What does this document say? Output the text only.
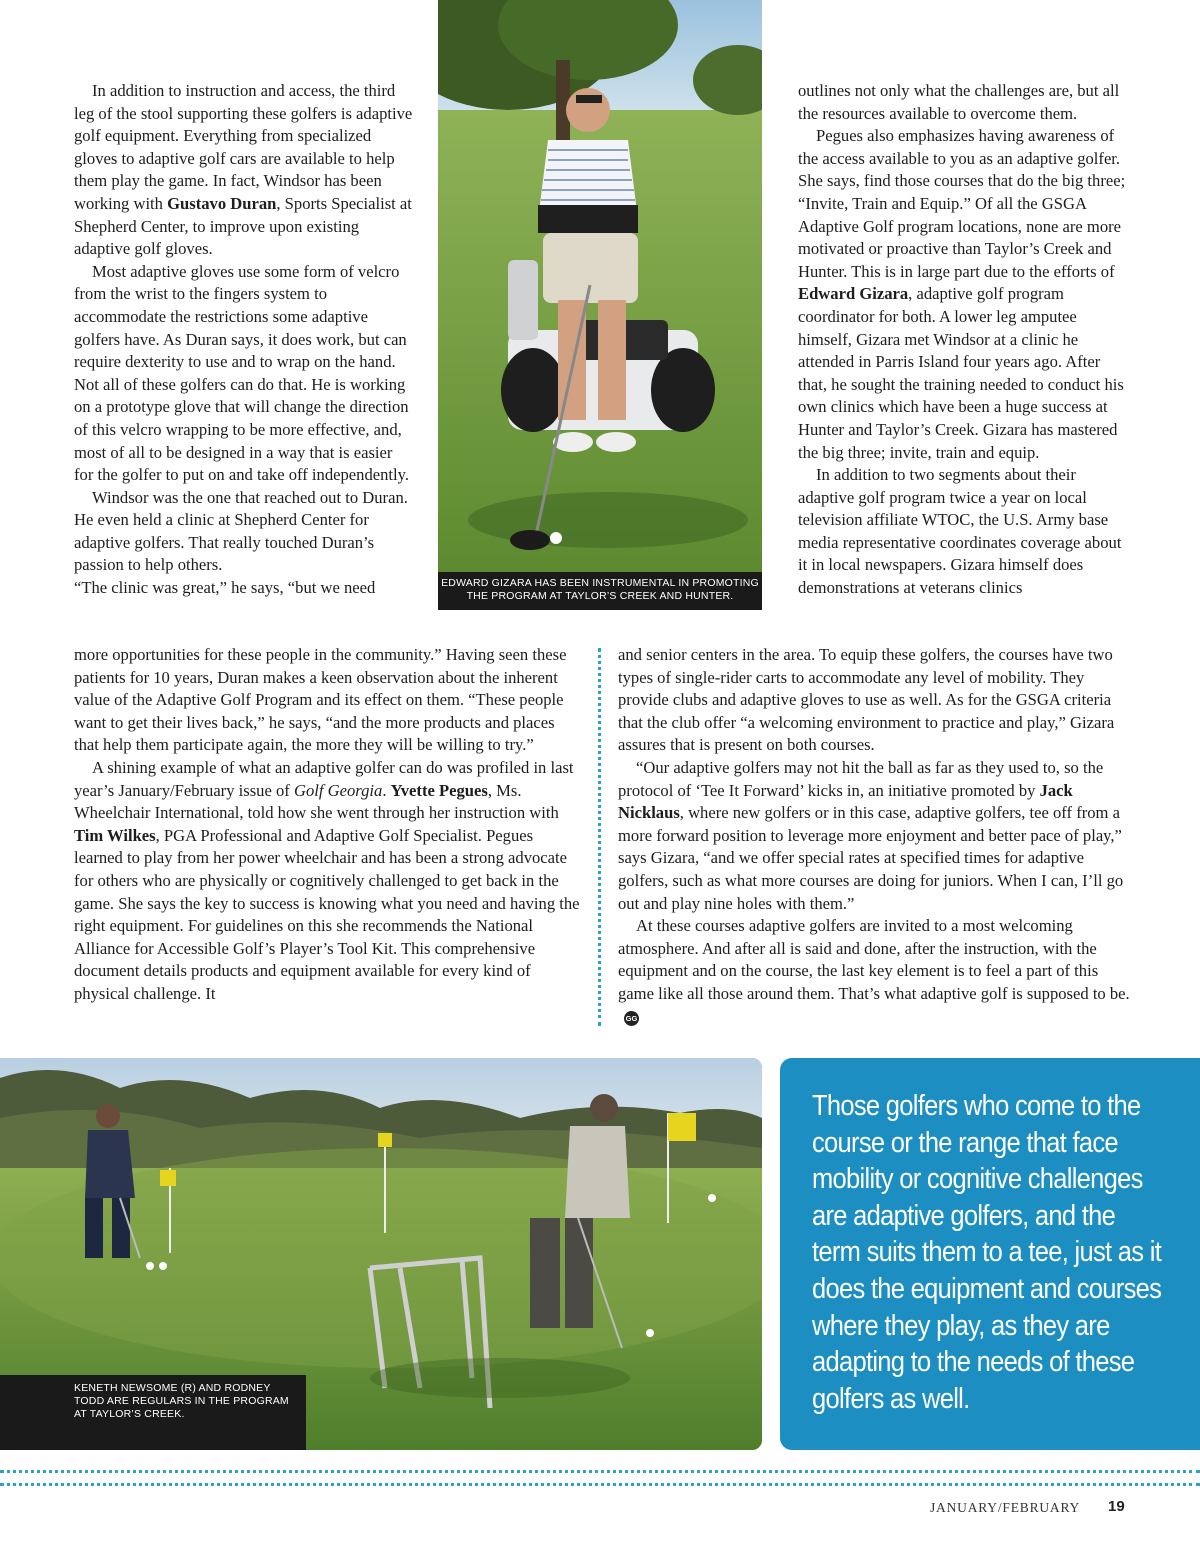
In addition to instruction and access, the third leg of the stool supporting these golfers is adaptive golf equipment. Everything from specialized gloves to adaptive golf cars are available to help them play the game. In fact, Windsor has been working with Gustavo Duran, Sports Specialist at Shepherd Center, to improve upon existing adaptive golf gloves.

Most adaptive gloves use some form of velcro from the wrist to the fingers system to accommodate the restrictions some adaptive golfers have. As Duran says, it does work, but can require dexterity to use and to wrap on the hand. Not all of these golfers can do that. He is working on a prototype glove that will change the direction of this velcro wrapping to be more effective, and, most of all to be designed in a way that is easier for the golfer to put on and take off independently.

Windsor was the one that reached out to Duran. He even held a clinic at Shepherd Center for adaptive golfers. That really touched Duran’s passion to help others.

“The clinic was great,” he says, “but we need

more opportunities for these people in the community.” Having seen these patients for 10 years, Duran makes a keen observation about the inherent value of the Adaptive Golf Program and its effect on them. “These people want to get their lives back,” he says, “and the more products and places that help them participate again, the more they will be willing to try.”

A shining example of what an adaptive golfer can do was profiled in last year’s January/February issue of Golf Georgia. Yvette Pegues, Ms. Wheelchair International, told how she went through her instruction with Tim Wilkes, PGA Professional and Adaptive Golf Specialist. Pegues learned to play from her power wheelchair and has been a strong advocate for others who are physically or cognitively challenged to get back in the game. She says the key to success is knowing what you need and having the right equipment. For guidelines on this she recommends the National Alliance for Accessible Golf’s Player’s Tool Kit. This comprehensive document details products and equipment available for every kind of physical challenge. It

outlines not only what the challenges are, but all the resources available to overcome them.

Pegues also emphasizes having awareness of the access available to you as an adaptive golfer. She says, find those courses that do the big three; “Invite, Train and Equip.” Of all the GSGA Adaptive Golf program locations, none are more motivated or proactive than Taylor’s Creek and Hunter. This is in large part due to the efforts of Edward Gizara, adaptive golf program coordinator for both. A lower leg amputee himself, Gizara met Windsor at a clinic he attended in Parris Island four years ago. After that, he sought the training needed to conduct his own clinics which have been a huge success at Hunter and Taylor’s Creek. Gizara has mastered the big three; invite, train and equip.

In addition to two segments about their adaptive golf program twice a year on local television affiliate WTOC, the U.S. Army base media representative coordinates coverage about it in local newspapers. Gizara himself does demonstrations at veterans clinics

and senior centers in the area. To equip these golfers, the courses have two types of single-rider carts to accommodate any level of mobility. They provide clubs and adaptive gloves to use as well. As for the GSGA criteria that the club offer “a welcoming environment to practice and play,” Gizara assures that is present on both courses.

“Our adaptive golfers may not hit the ball as far as they used to, so the protocol of ‘Tee It Forward’ kicks in, an initiative promoted by Jack Nicklaus, where new golfers or in this case, adaptive golfers, tee off from a more forward position to leverage more enjoyment and better pace of play,” says Gizara, “and we offer special rates at specified times for adaptive golfers, such as what more courses are doing for juniors. When I can, I’ll go out and play nine holes with them.”

At these courses adaptive golfers are invited to a most welcoming atmosphere. And after all is said and done, after the instruction, with the equipment and on the course, the last key element is to feel a part of this game like all those around them. That’s what adaptive golf is supposed to be.GG

EDWARD GIZARA HAS BEEN INSTRUMENTAL IN PROMOTING THE PROGRAM AT TAYLOR’S CREEK AND HUNTER.
KENETH NEWSOME (R) AND RODNEY TODD ARE REGULARS IN THE PROGRAM AT TAYLOR’S CREEK.
Those golfers who come to the course or the range that face mobility or cognitive challenges are adaptive golfers, and the term suits them to a tee, just as it does the equipment and courses where they play, as they are adapting to the needs of these golfers as well.
JANUARY/FEBRUARY 19
